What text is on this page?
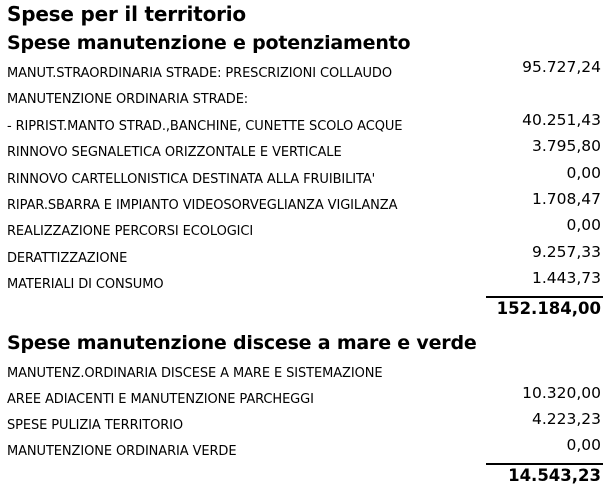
Spese per il territorio
Spese manutenzione e potenziamento
MANUT.STRAORDINARIA STRADE: PRESCRIZIONI COLLAUDO	95.727,24
MANUTENZIONE ORDINARIA STRADE:
- RIPRIST.MANTO STRAD.,BANCHINE, CUNETTE SCOLO ACQUE	40.251,43
RINNOVO SEGNALETICA ORIZZONTALE E VERTICALE	3.795,80
RINNOVO CARTELLONISTICA DESTINATA ALLA FRUIBILITA'	0,00
RIPAR.SBARRA E IMPIANTO VIDEOSORVEGLIANZA VIGILANZA	1.708,47
REALIZZAZIONE PERCORSI ECOLOGICI	0,00
DERATTIZZAZIONE	9.257,33
MATERIALI DI CONSUMO	1.443,73
152.184,00
Spese manutenzione discese a mare e verde
MANUTENZ.ORDINARIA DISCESE A MARE E SISTEMAZIONE
AREE ADIACENTI E MANUTENZIONE PARCHEGGI	10.320,00
SPESE PULIZIA TERRITORIO	4.223,23
MANUTENZIONE ORDINARIA VERDE	0,00
14.543,23
